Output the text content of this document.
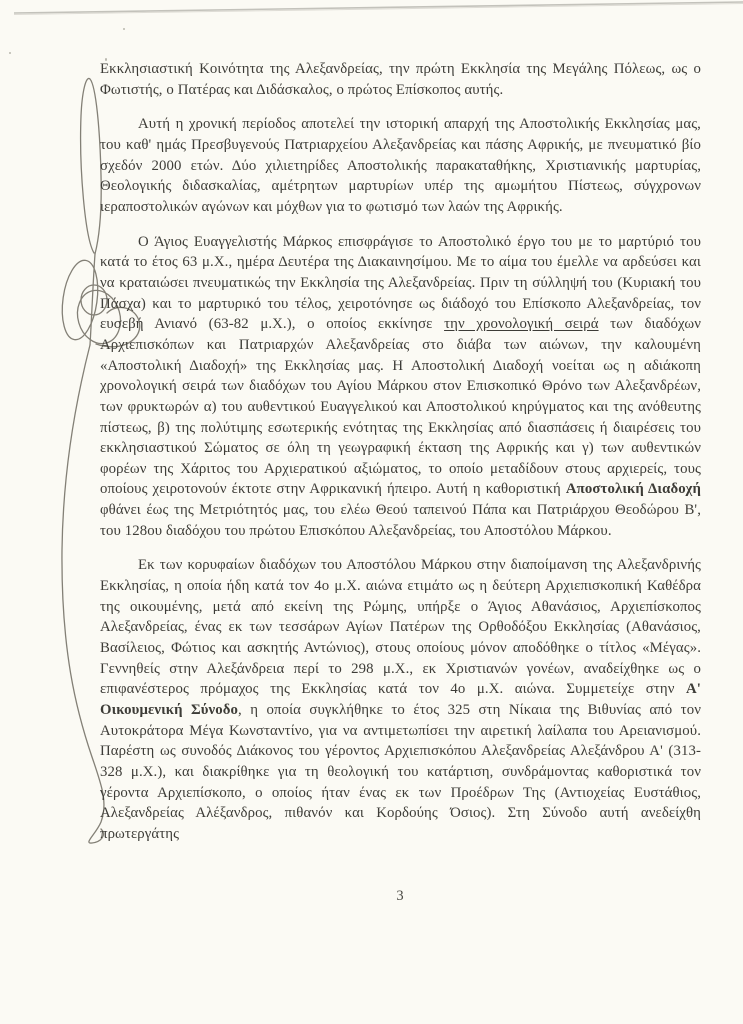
Εκκλησιαστική Κοινότητα της Αλεξανδρείας, την πρώτη Εκκλησία της Μεγάλης Πόλεως, ως ο Φωτιστής, ο Πατέρας και Διδάσκαλος, ο πρώτος Επίσκοπος αυτής.

Αυτή η χρονική περίοδος αποτελεί την ιστορική απαρχή της Αποστολικής Εκκλησίας μας, του καθ' ημάς Πρεσβυγενούς Πατριαρχείου Αλεξανδρείας και πάσης Αφρικής, με πνευματικό βίο σχεδόν 2000 ετών. Δύο χιλιετηρίδες Αποστολικής παρακαταθήκης, Χριστιανικής μαρτυρίας, Θεολογικής διδασκαλίας, αμέτρητων μαρτυρίων υπέρ της αμωμήτου Πίστεως, σύγχρονων ιεραποστολικών αγώνων και μόχθων για το φωτισμό των λαών της Αφρικής.

Ο Άγιος Ευαγγελιστής Μάρκος επισφράγισε το Αποστολικό έργο του με το μαρτύριό του κατά το έτος 63 μ.Χ., ημέρα Δευτέρα της Διακαινησίμου. Με το αίμα του έμελλε να αρδεύσει και να κραταιώσει πνευματικώς την Εκκλησία της Αλεξανδρείας. Πριν τη σύλληψή του (Κυριακή του Πάσχα) και το μαρτυρικό του τέλος, χειροτόνησε ως διάδοχό του Επίσκοπο Αλεξανδρείας, τον ευσεβή Ανιανό (63-82 μ.Χ.), ο οποίος εκκίνησε την χρονολογική σειρά των διαδόχων Αρχιεπισκόπων και Πατριαρχών Αλεξανδρείας στο διάβα των αιώνων, την καλουμένη «Αποστολική Διαδοχή» της Εκκλησίας μας. Η Αποστολική Διαδοχή νοείται ως η αδιάκοπη χρονολογική σειρά των διαδόχων του Αγίου Μάρκου στον Επισκοπικό Θρόνο των Αλεξανδρέων, των φρυκτωρών α) του αυθεντικού Ευαγγελικού και Αποστολικού κηρύγματος και της ανόθευτης πίστεως, β) της πολύτιμης εσωτερικής ενότητας της Εκκλησίας από διασπάσεις ή διαιρέσεις του εκκλησιαστικού Σώματος σε όλη τη γεωγραφική έκταση της Αφρικής και γ) των αυθεντικών φορέων της Χάριτος του Αρχιερατικού αξιώματος, το οποίο μεταδίδουν στους αρχιερείς, τους οποίους χειροτονούν έκτοτε στην Αφρικανική ήπειρο. Αυτή η καθοριστική Αποστολική Διαδοχή φθάνει έως της Μετριότητός μας, του ελέω Θεού ταπεινού Πάπα και Πατριάρχου Θεοδώρου Β', του 128ου διαδόχου του πρώτου Επισκόπου Αλεξανδρείας, του Αποστόλου Μάρκου.

Εκ των κορυφαίων διαδόχων του Αποστόλου Μάρκου στην διαποίμανση της Αλεξανδρινής Εκκλησίας, η οποία ήδη κατά τον 4ο μ.Χ. αιώνα ετιμάτο ως η δεύτερη Αρχιεπισκοπική Καθέδρα της οικουμένης, μετά από εκείνη της Ρώμης, υπήρξε ο Άγιος Αθανάσιος, Αρχιεπίσκοπος Αλεξανδρείας, ένας εκ των τεσσάρων Αγίων Πατέρων της Ορθοδόξου Εκκλησίας (Αθανάσιος, Βασίλειος, Φώτιος και ασκητής Αντώνιος), στους οποίους μόνον αποδόθηκε ο τίτλος «Μέγας». Γεννηθείς στην Αλεξάνδρεια περί το 298 μ.Χ., εκ Χριστιανών γονέων, αναδείχθηκε ως ο επιφανέστερος πρόμαχος της Εκκλησίας κατά τον 4ο μ.Χ. αιώνα. Συμμετείχε στην Α' Οικουμενική Σύνοδο, η οποία συγκλήθηκε το έτος 325 στη Νίκαια της Βιθυνίας από τον Αυτοκράτορα Μέγα Κωνσταντίνο, για να αντιμετωπίσει την αιρετική λαίλαπα του Αρειανισμού. Παρέστη ως συνοδός Διάκονος του γέροντος Αρχιεπισκόπου Αλεξανδρείας Αλεξάνδρου Α' (313-328 μ.Χ.), και διακρίθηκε για τη θεολογική του κατάρτιση, συνδράμοντας καθοριστικά τον γέροντα Αρχιεπίσκοπο, ο οποίος ήταν ένας εκ των Προέδρων Της (Αντιοχείας Ευστάθιος, Αλεξανδρείας Αλέξανδρος, πιθανόν και Κορδούης Όσιος). Στη Σύνοδο αυτή ανεδείχθη πρωτεργάτης

3
